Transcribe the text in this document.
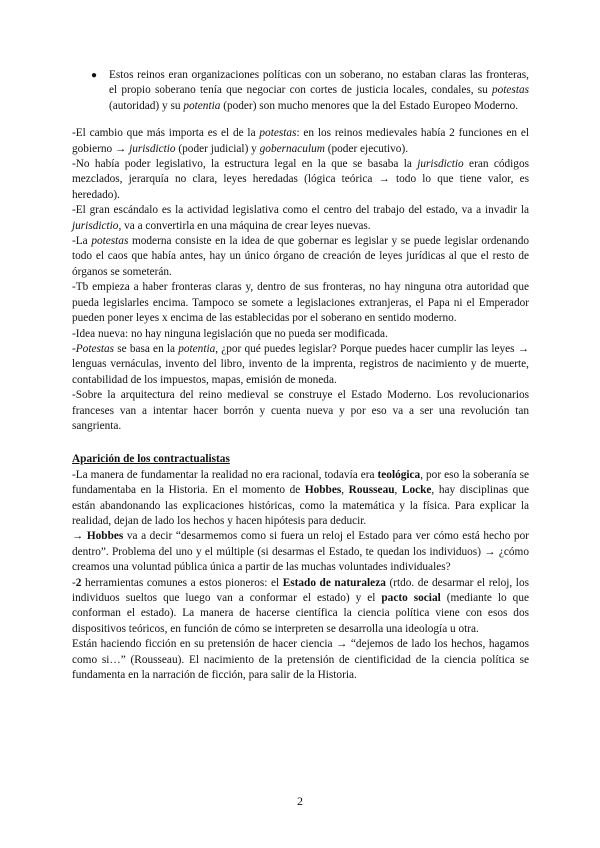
● Estos reinos eran organizaciones políticas con un soberano, no estaban claras las fronteras, el propio soberano tenía que negociar con cortes de justicia locales, condales, su potestas (autoridad) y su potentia (poder) son mucho menores que la del Estado Europeo Moderno.

-El cambio que más importa es el de la potestas: en los reinos medievales había 2 funciones en el gobierno → jurisdictio (poder judicial) y gobernaculum (poder ejecutivo).

-No había poder legislativo, la estructura legal en la que se basaba la jurisdictio eran códigos mezclados, jerarquía no clara, leyes heredadas (lógica teórica → todo lo que tiene valor, es heredado).

-El gran escándalo es la actividad legislativa como el centro del trabajo del estado, va a invadir la jurisdictio, va a convertirla en una máquina de crear leyes nuevas.

-La potestas moderna consiste en la idea de que gobernar es legislar y se puede legislar ordenando todo el caos que había antes, hay un único órgano de creación de leyes jurídicas al que el resto de órganos se someterán.

-Tb empieza a haber fronteras claras y, dentro de sus fronteras, no hay ninguna otra autoridad que pueda legislarles encima. Tampoco se somete a legislaciones extranjeras, el Papa ni el Emperador pueden poner leyes x encima de las establecidas por el soberano en sentido moderno.

-Idea nueva: no hay ninguna legislación que no pueda ser modificada.

-Potestas se basa en la potentia, ¿por qué puedes legislar? Porque puedes hacer cumplir las leyes → lenguas vernáculas, invento del libro, invento de la imprenta, registros de nacimiento y de muerte, contabilidad de los impuestos, mapas, emisión de moneda.

-Sobre la arquitectura del reino medieval se construye el Estado Moderno. Los revolucionarios franceses van a intentar hacer borrón y cuenta nueva y por eso va a ser una revolución tan sangrienta.

Aparición de los contractualistas

-La manera de fundamentar la realidad no era racional, todavía era teológica, por eso la soberanía se fundamentaba en la Historia. En el momento de Hobbes, Rousseau, Locke, hay disciplinas que están abandonando las explicaciones históricas, como la matemática y la física. Para explicar la realidad, dejan de lado los hechos y hacen hipótesis para deducir.

→ Hobbes va a decir “desarmemos como si fuera un reloj el Estado para ver cómo está hecho por dentro”. Problema del uno y el múltiple (si desarmas el Estado, te quedan los individuos) → ¿cómo creamos una voluntad pública única a partir de las muchas voluntades individuales?

-2 herramientas comunes a estos pioneros: el Estado de naturaleza (rtdo. de desarmar el reloj, los individuos sueltos que luego van a conformar el estado) y el pacto social (mediante lo que conforman el estado). La manera de hacerse científica la ciencia política viene con esos dos dispositivos teóricos, en función de cómo se interpreten se desarrolla una ideología u otra.

Están haciendo ficción en su pretensión de hacer ciencia → “dejemos de lado los hechos, hagamos como si…” (Rousseau). El nacimiento de la pretensión de cientificidad de la ciencia política se fundamenta en la narración de ficción, para salir de la Historia.

2
